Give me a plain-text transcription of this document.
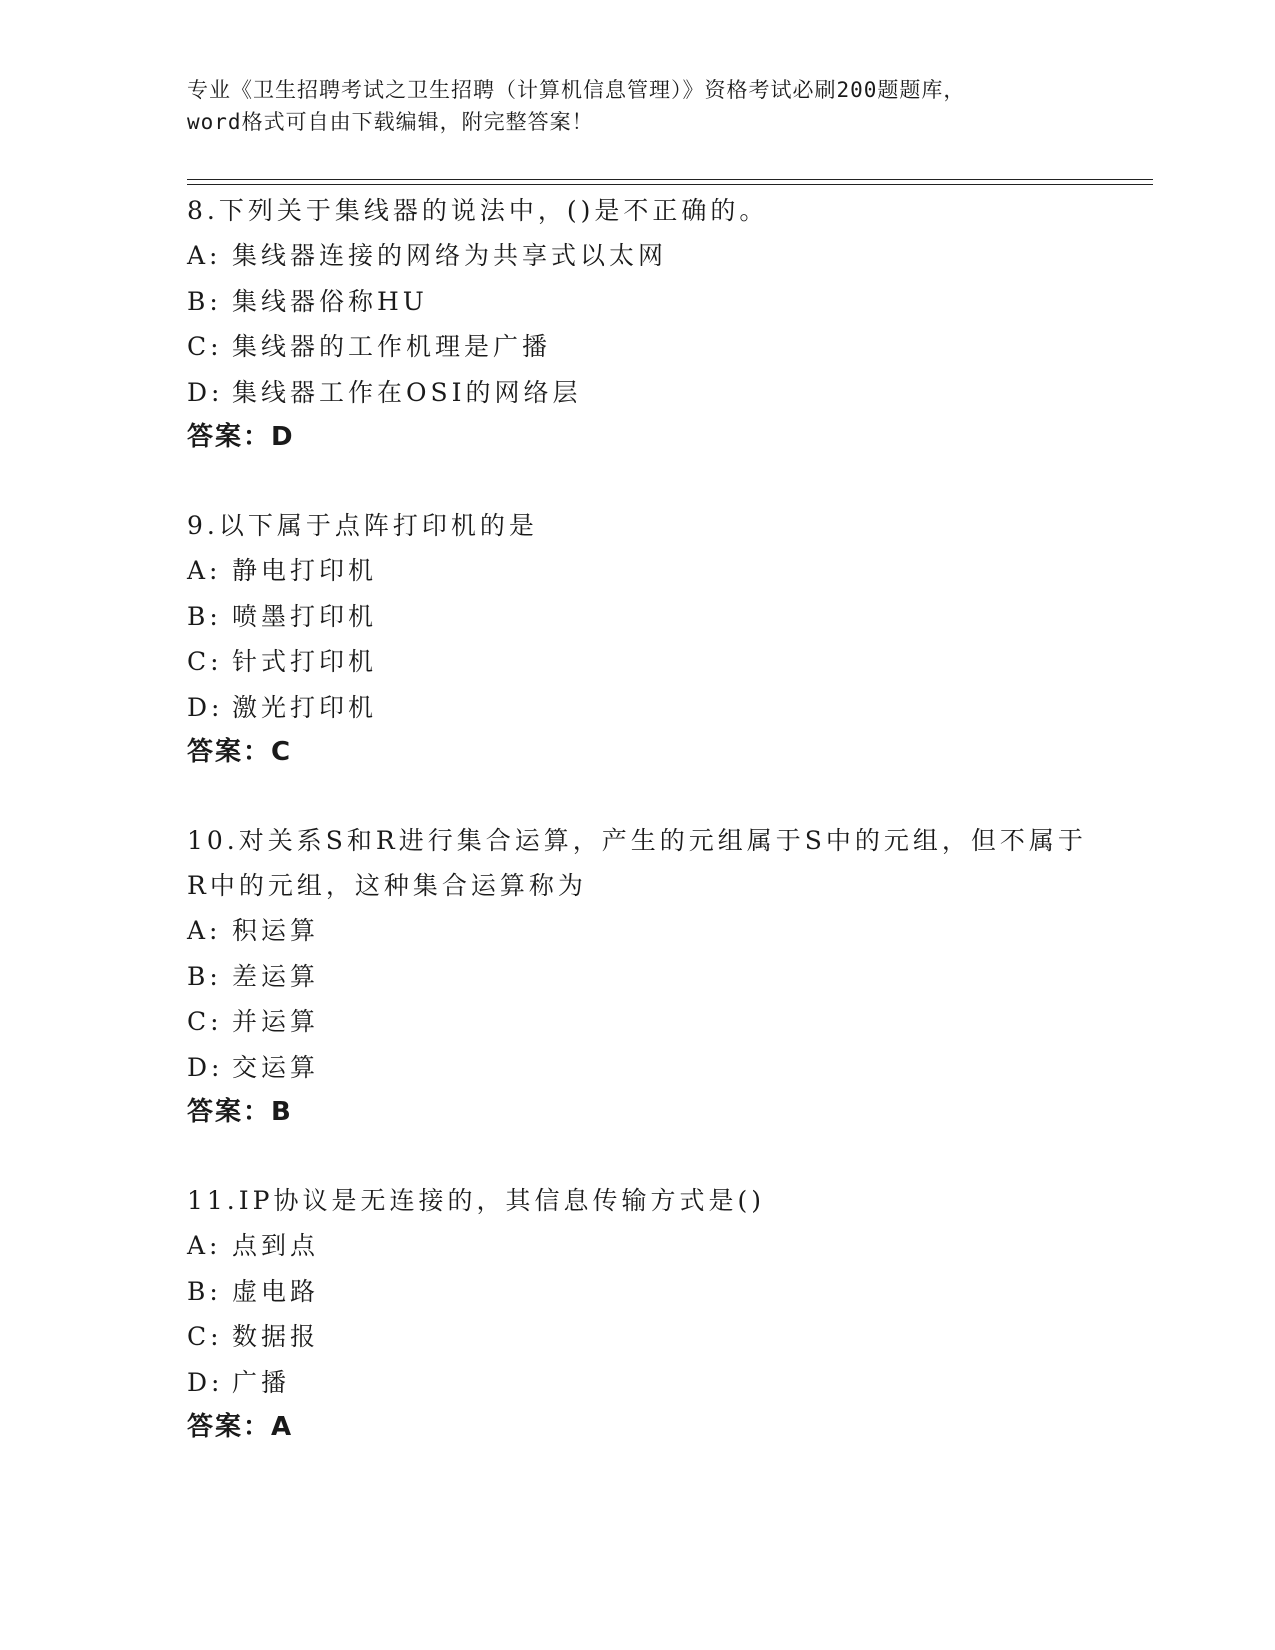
专业《卫生招聘考试之卫生招聘（计算机信息管理）》资格考试必刷200题题库，
word格式可自由下载编辑，附完整答案！

8.下列关于集线器的说法中，()是不正确的。

A: 集线器连接的网络为共享式以太网

B: 集线器俗称HU

C: 集线器的工作机理是广播

D: 集线器工作在OSI的网络层

答案：D

9.以下属于点阵打印机的是

A: 静电打印机

B: 喷墨打印机

C: 针式打印机

D: 激光打印机

答案：C

10.对关系S和R进行集合运算，产生的元组属于S中的元组，但不属于R中的元组，这种集合运算称为

A: 积运算

B: 差运算

C: 并运算

D: 交运算

答案：B

11.IP协议是无连接的，其信息传输方式是()

A: 点到点

B: 虚电路

C: 数据报

D: 广播

答案：A
